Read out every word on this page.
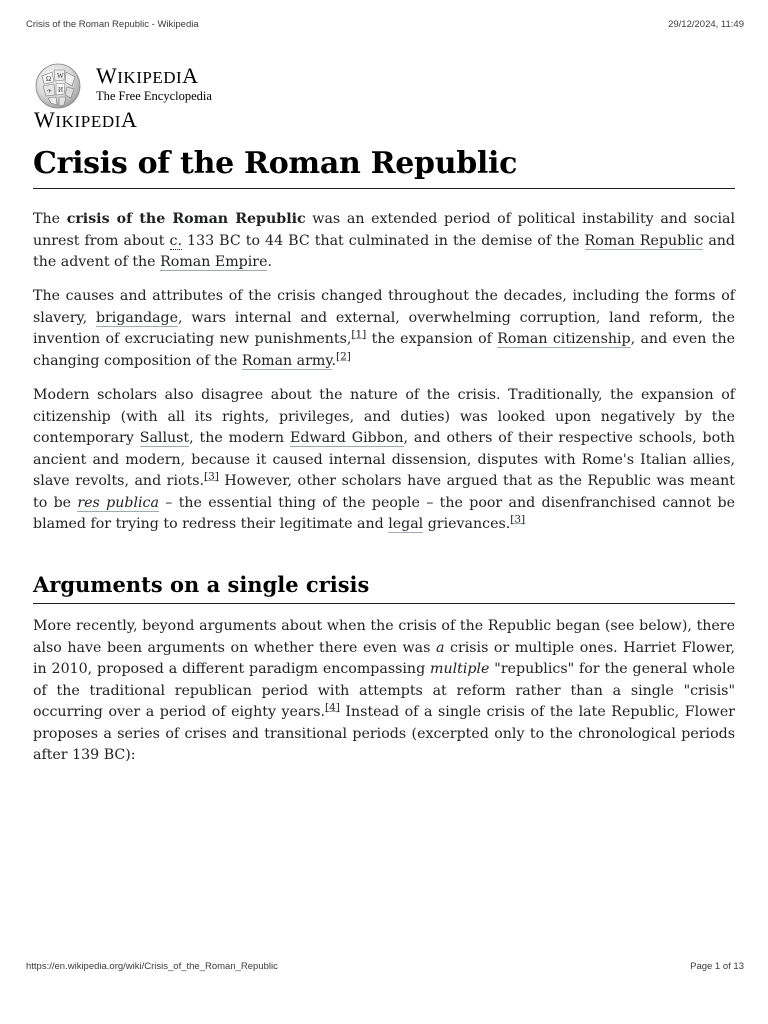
Crisis of the Roman Republic - Wikipedia	29/12/2024, 11:49
Ω W
И
ጥ
WIKIPEDIA
The Free Encyclopedia
WIKIPEDIA
Crisis of the Roman Republic

The crisis of the Roman Republic was an extended period of political instability and social unrest from about c. 133 BC to 44 BC that culminated in the demise of the Roman Republic and the advent of the Roman Empire.

The causes and attributes of the crisis changed throughout the decades, including the forms of slavery, brigandage, wars internal and external, overwhelming corruption, land reform, the invention of excruciating new punishments,[1] the expansion of Roman citizenship, and even the changing composition of the Roman army.[2]

Modern scholars also disagree about the nature of the crisis. Traditionally, the expansion of citizenship (with all its rights, privileges, and duties) was looked upon negatively by the contemporary Sallust, the modern Edward Gibbon, and others of their respective schools, both ancient and modern, because it caused internal dissension, disputes with Rome's Italian allies, slave revolts, and riots.[3] However, other scholars have argued that as the Republic was meant to be res publica – the essential thing of the people – the poor and disenfranchised cannot be blamed for trying to redress their legitimate and legal grievances.[3]

Arguments on a single crisis

More recently, beyond arguments about when the crisis of the Republic began (see below), there also have been arguments on whether there even was a crisis or multiple ones. Harriet Flower, in 2010, proposed a different paradigm encompassing multiple "republics" for the general whole of the traditional republican period with attempts at reform rather than a single "crisis" occurring over a period of eighty years.[4] Instead of a single crisis of the late Republic, Flower proposes a series of crises and transitional periods (excerpted only to the chronological periods after 139 BC):

https://en.wikipedia.org/wiki/Crisis_of_the_Roman_Republic	Page 1 of 13
